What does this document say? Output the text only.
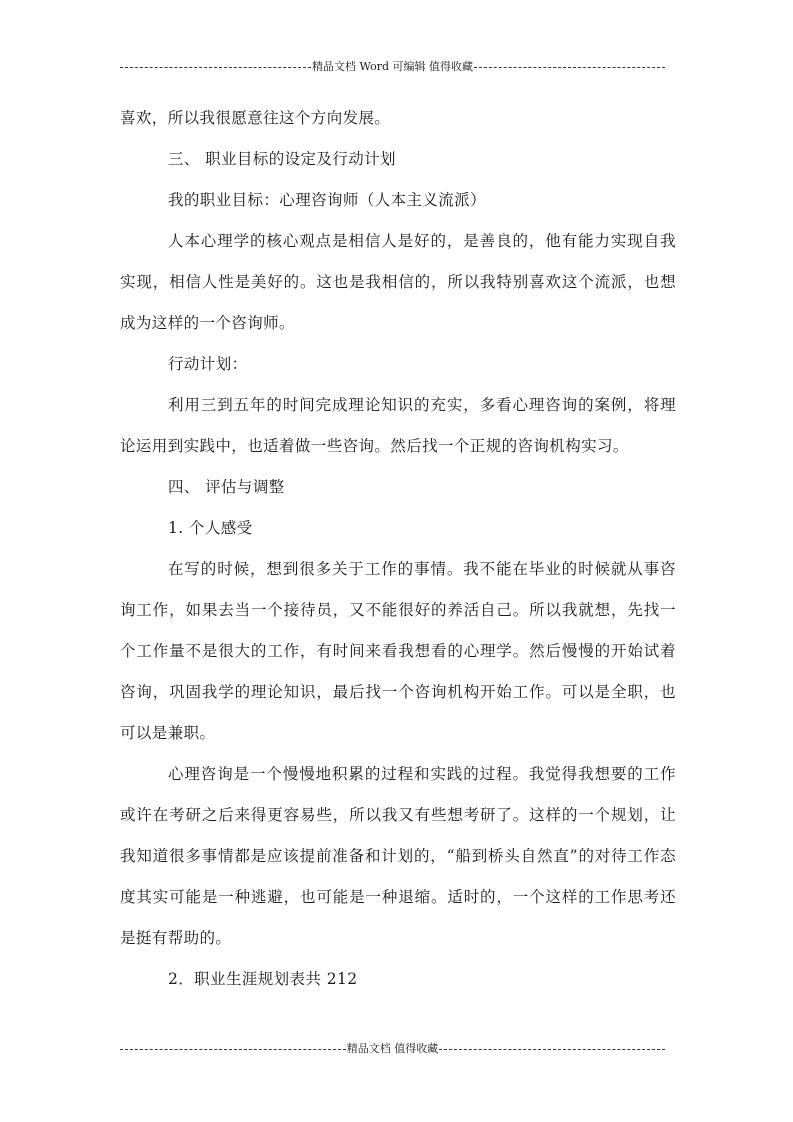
精品文档 Word 可编辑 值得收藏

喜欢，所以我很愿意往这个方向发展。

三、 职业目标的设定及行动计划

我的职业目标：心理咨询师（人本主义流派）

人本心理学的核心观点是相信人是好的，是善良的，他有能力实现自我实现，相信人性是美好的。这也是我相信的，所以我特别喜欢这个流派，也想成为这样的一个咨询师。

行动计划：

利用三到五年的时间完成理论知识的充实，多看心理咨询的案例，将理论运用到实践中，也适着做一些咨询。然后找一个正规的咨询机构实习。

四、 评估与调整

1. 个人感受

在写的时候，想到很多关于工作的事情。我不能在毕业的时候就从事咨询工作，如果去当一个接待员，又不能很好的养活自己。所以我就想，先找一个工作量不是很大的工作，有时间来看我想看的心理学。然后慢慢的开始试着咨询，巩固我学的理论知识，最后找一个咨询机构开始工作。可以是全职，也可以是兼职。

心理咨询是一个慢慢地积累的过程和实践的过程。我觉得我想要的工作或许在考研之后来得更容易些，所以我又有些想考研了。这样的一个规划，让我知道很多事情都是应该提前准备和计划的，“船到桥头自然直”的对待工作态度其实可能是一种逃避，也可能是一种退缩。适时的，一个这样的工作思考还是挺有帮助的。

2．职业生涯规划表共 212

精品文档 值得收藏
